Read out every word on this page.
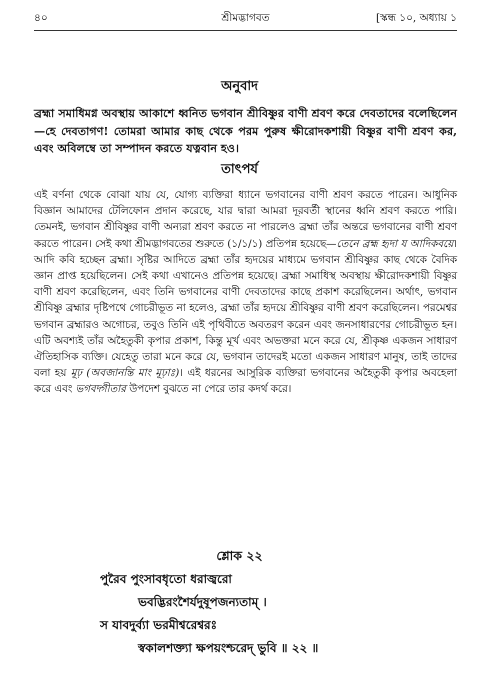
৪০	শ্রীমদ্ভাগবত	[স্কন্ধ ১০, অধ্যায় ১
অনুবাদ
ব্রহ্মা সমাধিমগ্ন অবস্থায় আকাশে ধ্বনিত ভগবান শ্রীবিষ্ণুর বাণী শ্রবণ করে দেবতাদের বলেছিলেন—হে দেবতাগণ! তোমরা আমার কাছ থেকে পরম পুরুষ ক্ষীরোদকশায়ী বিষ্ণুর বাণী শ্রবণ কর, এবং অবিলম্বে তা সম্পাদন করতে যত্নবান হও।
তাৎপর্য
এই বর্ণনা থেকে বোঝা যায় যে, যোগ্য ব্যক্তিরা ধ্যানে ভগবানের বাণী শ্রবণ করতে পারেন। আধুনিক বিজ্ঞান আমাদের টেলিফোন প্রদান করেছে, যার দ্বারা আমরা দূরবর্তী স্থানের ধ্বনি শ্রবণ করতে পারি। তেমনই, ভগবান শ্রীবিষ্ণুর বাণী অন্যরা শ্রবণ করতে না পারলেও ব্রহ্মা তাঁর অন্তরে ভগবানের বাণী শ্রবণ করতে পারেন। সেই কথা শ্রীমদ্ভাগবতের শুরুতে (১/১/১) প্রতিপন্ন হয়েছে—তেনে ব্রহ্ম হৃদা য আদিকবয়ে। আদি কবি হচ্ছেন ব্রহ্মা। সৃষ্টির আদিতে ব্রহ্মা তাঁর হৃদয়ের মাধ্যমে ভগবান শ্রীবিষ্ণুর কাছ থেকে বৈদিক জ্ঞান প্রাপ্ত হয়েছিলেন। সেই কথা এখানেও প্রতিপন্ন হয়েছে। ব্রহ্মা সমাধিস্থ অবস্থায় ক্ষীরোদকশায়ী বিষ্ণুর বাণী শ্রবণ করেছিলেন, এবং তিনি ভগবানের বাণী দেবতাদের কাছে প্রকাশ করেছিলেন। অর্থাৎ, ভগবান শ্রীবিষ্ণু ব্রহ্মার দৃষ্টিপথে গোচরীভূত না হলেও, ব্রহ্মা তাঁর হৃদয়ে শ্রীবিষ্ণুর বাণী শ্রবণ করেছিলেন। পরমেশ্বর ভগবান ব্রহ্মারও অগোচর, তবুও তিনি এই পৃথিবীতে অবতরণ করেন এবং জনসাধারণের গোচরীভূত হন। এটি অবশ্যই তাঁর অহৈতুকী কৃপার প্রকাশ, কিন্তু মূর্খ এবং অভক্তরা মনে করে যে, শ্রীকৃষ্ণ একজন সাধারণ ঐতিহাসিক ব্যক্তি। যেহেতু তারা মনে করে যে, ভগবান তাদেরই মতো একজন সাধারণ মানুষ, তাই তাদের বলা হয় মূঢ় (অবজানন্তি মাং মূঢ়াঃ)। এই ধরনের আসুরিক ব্যক্তিরা ভগবানের অহৈতুকী কৃপার অবহেলা করে এবং ভগবদ্গীতার উপদেশ বুঝতে না পেরে তার কদর্থ করে।
শ্লোক ২২
পুরৈব পুংসাবধৃতো ধরাজ্বরো
ভবদ্ভিরংশৈর্যদুষূপজন্যতাম্‌ ।
স যাবদুর্ব্যা ভরমীশ্বরেশ্বরঃ
স্বকালশক্ত্যা ক্ষপয়ংশ্চরেদ্ ভুবি ॥ ২২ ॥
